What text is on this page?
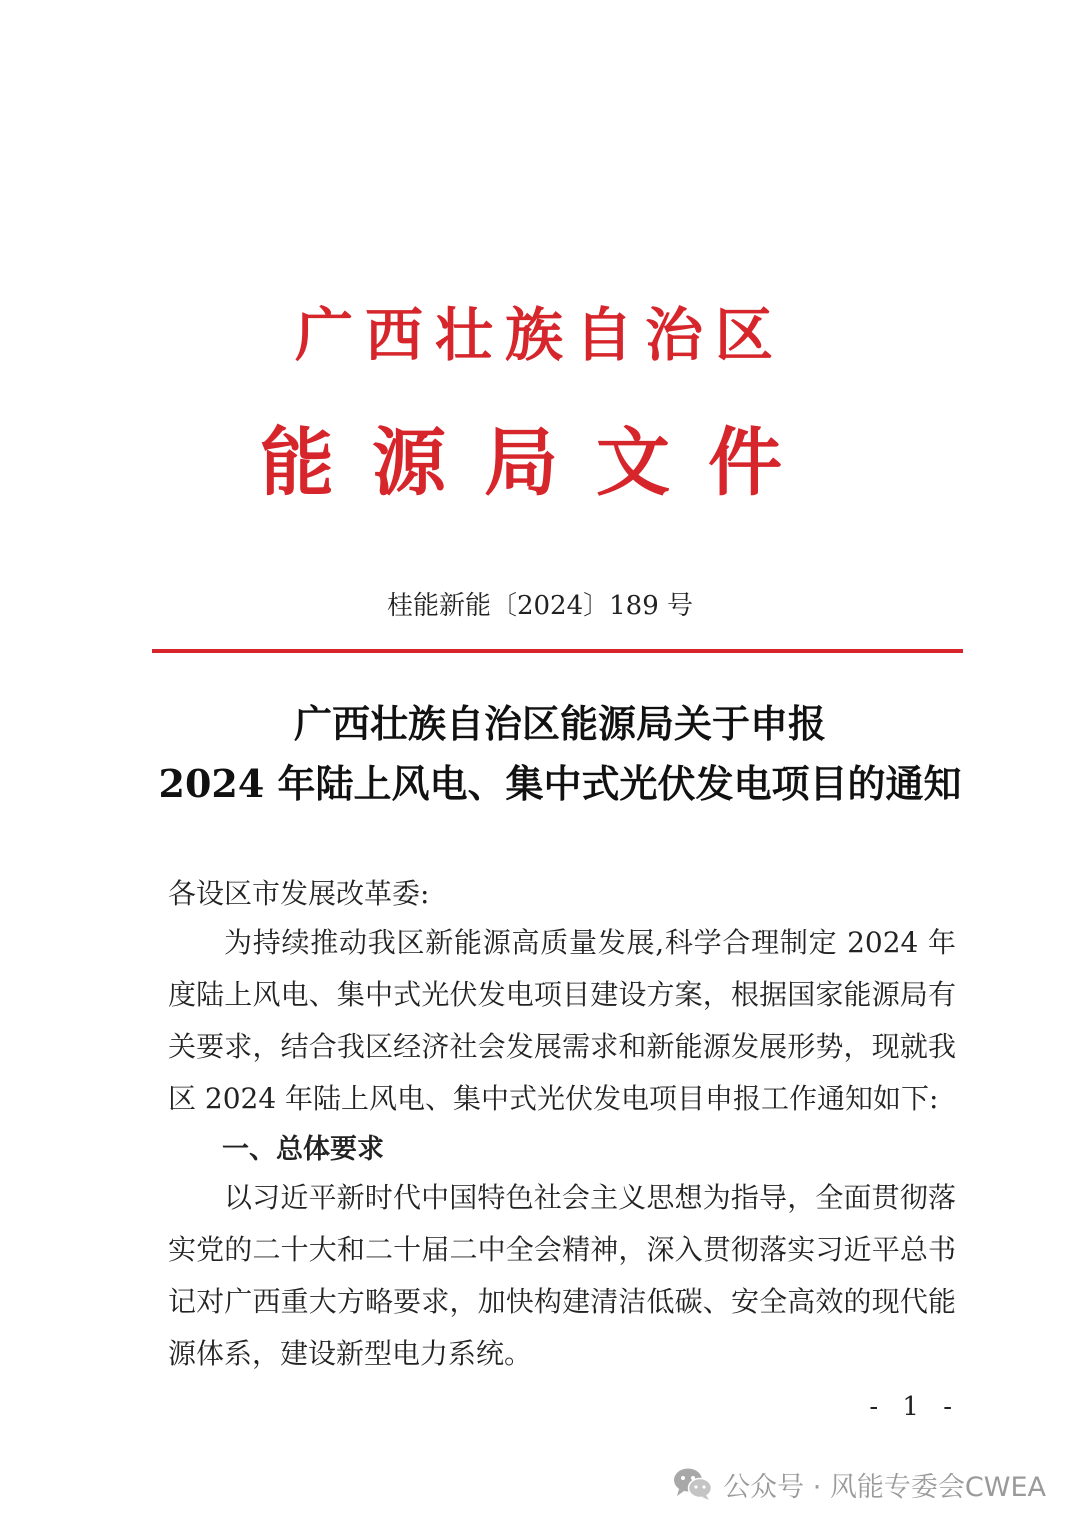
广西壮族自治区
能源局文件
桂能新能〔2024〕189 号
广西壮族自治区能源局关于申报
2024 年陆上风电、集中式光伏发电项目的通知
各设区市发展改革委:

为持续推动我区新能源高质量发展,科学合理制定 2024 年度陆上风电、集中式光伏发电项目建设方案，根据国家能源局有关要求，结合我区经济社会发展需求和新能源发展形势，现就我区 2024 年陆上风电、集中式光伏发电项目申报工作通知如下:

一、总体要求

以习近平新时代中国特色社会主义思想为指导，全面贯彻落实党的二十大和二十届二中全会精神，深入贯彻落实习近平总书记对广西重大方略要求，加快构建清洁低碳、安全高效的现代能源体系，建设新型电力系统。

- 1 -
公众号 · 风能专委会CWEA
